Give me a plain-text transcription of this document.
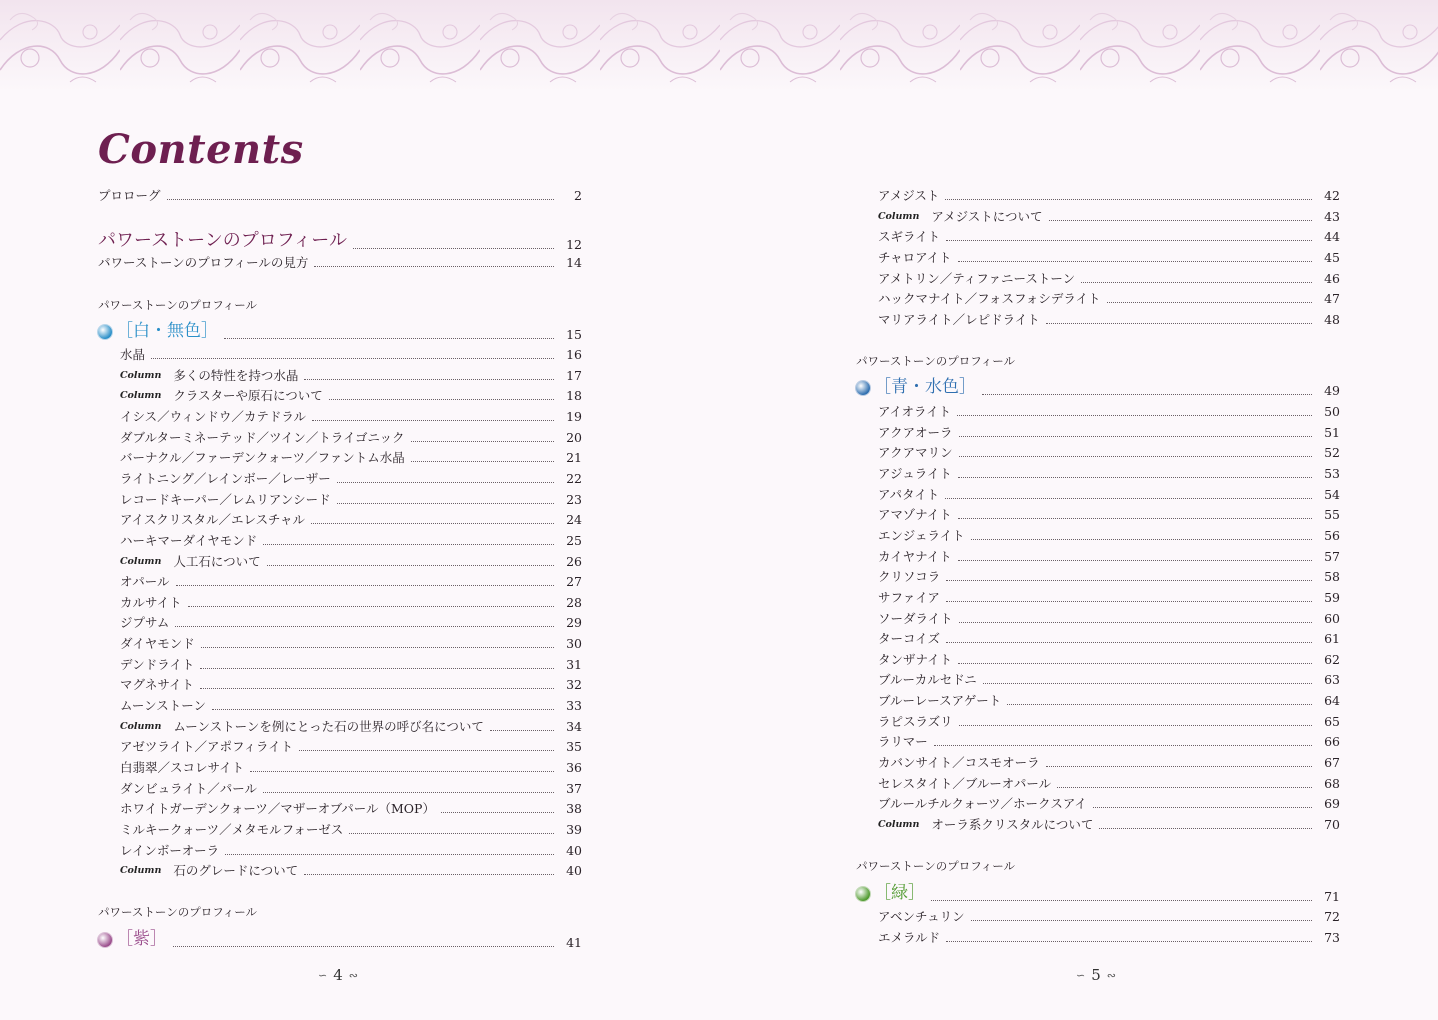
Contents
プロローグ	2
パワーストーンのプロフィール	12
パワーストーンのプロフィールの見方	14
パワーストーンのプロフィール
［白・無色］	15
水晶	16
Column 多くの特性を持つ水晶	17
Column クラスターや原石について	18
イシス／ウィンドウ／カテドラル	19
ダブルターミネーテッド／ツイン／トライゴニック	20
バーナクル／ファーデンクォーツ／ファントム水晶	21
ライトニング／レインボー／レーザー	22
レコードキーパー／レムリアンシード	23
アイスクリスタル／エレスチャル	24
ハーキマーダイヤモンド	25
Column 人工石について	26
オパール	27
カルサイト	28
ジプサム	29
ダイヤモンド	30
デンドライト	31
マグネサイト	32
ムーンストーン	33
Column ムーンストーンを例にとった石の世界の呼び名について	34
アゼツライト／アポフィライト	35
白翡翠／スコレサイト	36
ダンビュライト／パール	37
ホワイトガーデンクォーツ／マザーオブパール（MOP）	38
ミルキークォーツ／メタモルフォーゼス	39
レインボーオーラ	40
Column 石のグレードについて	40
パワーストーンのプロフィール
［紫］	41
アメジスト	42
Column アメジストについて	43
スギライト	44
チャロアイト	45
アメトリン／ティファニーストーン	46
ハックマナイト／フォスフォシデライト	47
マリアライト／レピドライト	48
パワーストーンのプロフィール
［青・水色］	49
アイオライト	50
アクアオーラ	51
アクアマリン	52
アジュライト	53
アパタイト	54
アマゾナイト	55
エンジェライト	56
カイヤナイト	57
クリソコラ	58
サファイア	59
ソーダライト	60
ターコイズ	61
タンザナイト	62
ブルーカルセドニ	63
ブルーレースアゲート	64
ラピスラズリ	65
ラリマー	66
カバンサイト／コスモオーラ	67
セレスタイト／ブルーオパール	68
ブルールチルクォーツ／ホークスアイ	69
Column オーラ系クリスタルについて	70
パワーストーンのプロフィール
［緑］	71
アベンチュリン	72
エメラルド	73
∽ 4 ∾	∽ 5 ∾
